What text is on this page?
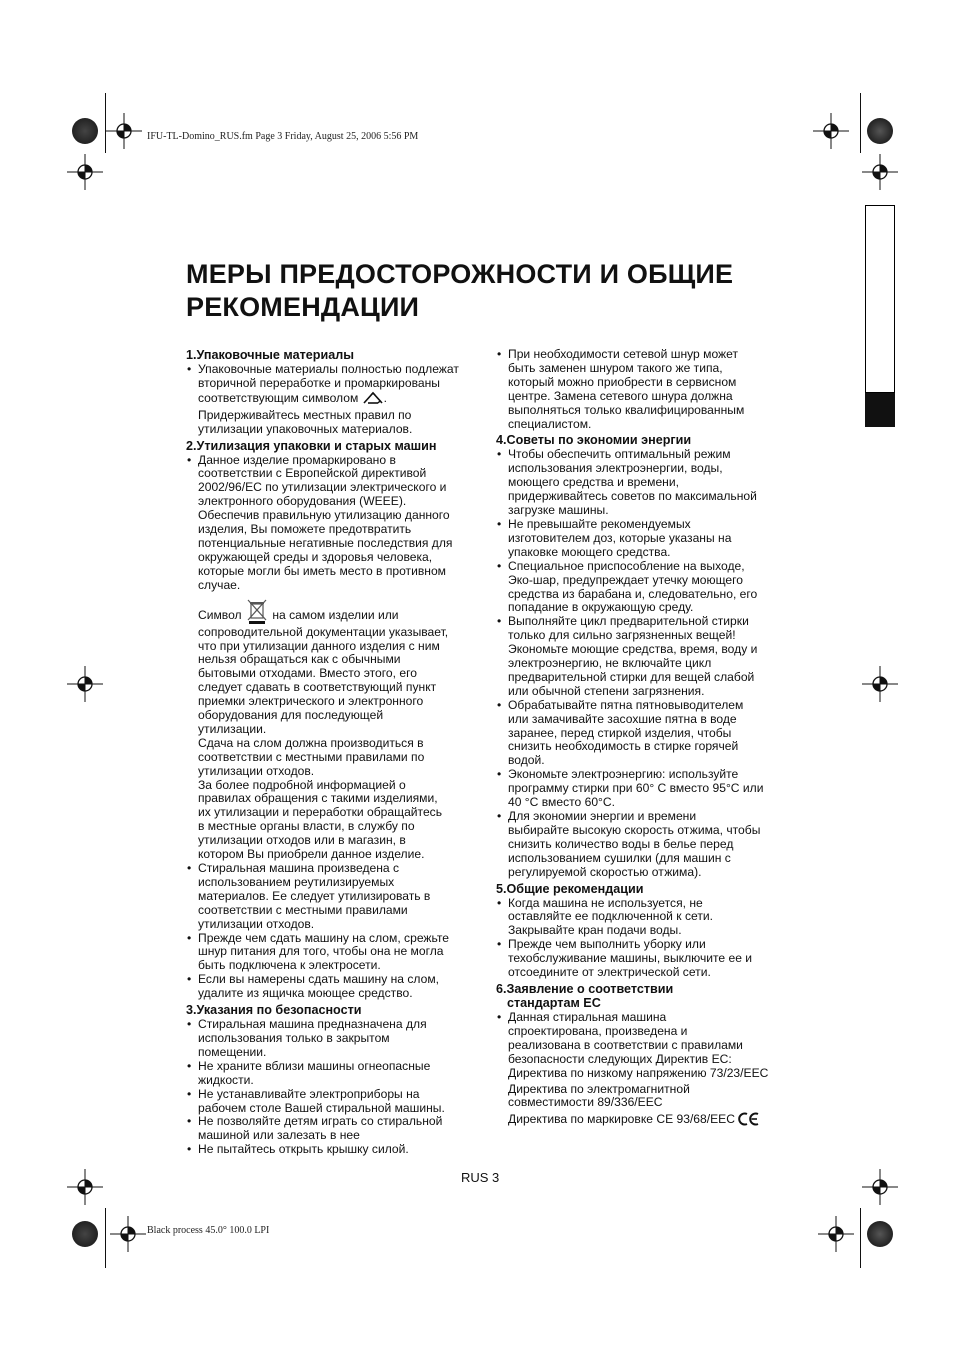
IFU-TL-Domino_RUS.fm Page 3 Friday, August 25, 2006 5:56 PM
Black process 45.0° 100.0 LPI
МЕРЫ ПРЕДОСТОРОЖНОСТИ И ОБЩИЕ
РЕКОМЕНДАЦИИ
1.Упаковочные материалы
• Упаковочные материалы полностью подлежат
вторичной переработке и промаркированы
соответствующим символом .
Придерживайтесь местных правил по
утилизации упаковочных материалов.
2.Утилизация упаковки и старых машин
• Данное изделие промаркировано в
соответствии с Европейской директивой
2002/96/EC по утилизации электрического и
электронного оборудования (WEEE).
Обеспечив правильную утилизацию данного
изделия, Вы поможете предотвратить
потенциальные негативные последствия для
окружающей среды и здоровья человека,
которые могли бы иметь место в противном
случае.
Символ	на самом изделии или
сопроводительной документации указывает,
что при утилизации данного изделия с ним
нельзя обращаться как с обычными
бытовыми отходами. Вместо этого, его
следует сдавать в соответствующий пункт
приемки электрического и электронного
оборудования для последующей
утилизации.
Сдача на слом должна производиться в
соответствии с местными правилами по
утилизации отходов.
За более подробной информацией о
правилах обращения с такими изделиями,
их утилизации и переработки обращайтесь
в местные органы власти, в службу по
утилизации отходов или в магазин, в
котором Вы приобрели данное изделие.
• Стиральная машина произведена с
использованием реутилизируемых
материалов. Ее следует утилизировать в
соответствии с местными правилами
утилизации отходов.
• Прежде чем сдать машину на слом, срежьте
шнур питания для того, чтобы она не могла
быть подключена к электросети.
• Если вы намерены сдать машину на слом,
удалите из ящичка моющее средство.
3.Указания по безопасности
• Стиральная машина предназначена для
использования только в закрытом
помещении.
• Не храните вблизи машины огнеопасные
жидкости.
• Не устанавливайте электроприборы на
рабочем столе Вашей стиральной машины.
• Не позволяйте детям играть со стиральной
машиной или залезать в нее
• Не пытайтесь открыть крышку силой.
• При необходимости сетевой шнур может
быть заменен шнуром такого же типа,
который можно приобрести в сервисном
центре. Замена сетевого шнура должна
выполняться только квалифицированным
специалистом.
4.Советы по экономии энергии
• Чтобы обеспечить оптимальный режим
использования электроэнергии, воды,
моющего средства и времени,
придерживайтесь советов по максимальной
загрузке машины.
• Не превышайте рекомендуемых
изготовителем доз, которые указаны на
упаковке моющего средства.
• Специальное приспособление на выходе,
Эко-шар, предупреждает утечку моющего
средства из барабана и, следовательно, его
попадание в окружающую среду.
• Выполняйте цикл предварительной стирки
только для сильно загрязненных вещей!
Экономьте моющие средства, время, воду и
электроэнергию, не включайте цикл
предварительной стирки для вещей слабой
или обычной степени загрязнения.
• Обрабатывайте пятна пятновыводителем
или замачивайте засохшие пятна в воде
заранее, перед стиркой изделия, чтобы
снизить необходимость в стирке горячей
водой.
• Экономьте электроэнергию: используйте
программу стирки при 60° С вместо 95°C или
40 °С вместо 60°С.
• Для экономии энергии и времени
выбирайте высокую скорость отжима, чтобы
снизить количество воды в белье перед
использованием сушилки (для машин с
регулируемой скоростью отжима).
5.Общие рекомендации
• Когда машина не используется, не
оставляйте ее подключенной к сети.
Закрывайте кран подачи воды.
• Прежде чем выполнить уборку или
техобслуживание машины, выключите ее и
отсоедините от электрической сети.
6.Заявление о соответствии
стандартам ЕС
• Данная стиральная машина
спроектирована, произведена и
реализована в соответствии с правилами
безопасности следующих Директив ЕС:
Директива по низкому напряжению 73/23/EEC
Директива по электромагнитной
совместимости 89/336/EEC
Директива по маркировке CE 93/68/EEC
RUS 3
